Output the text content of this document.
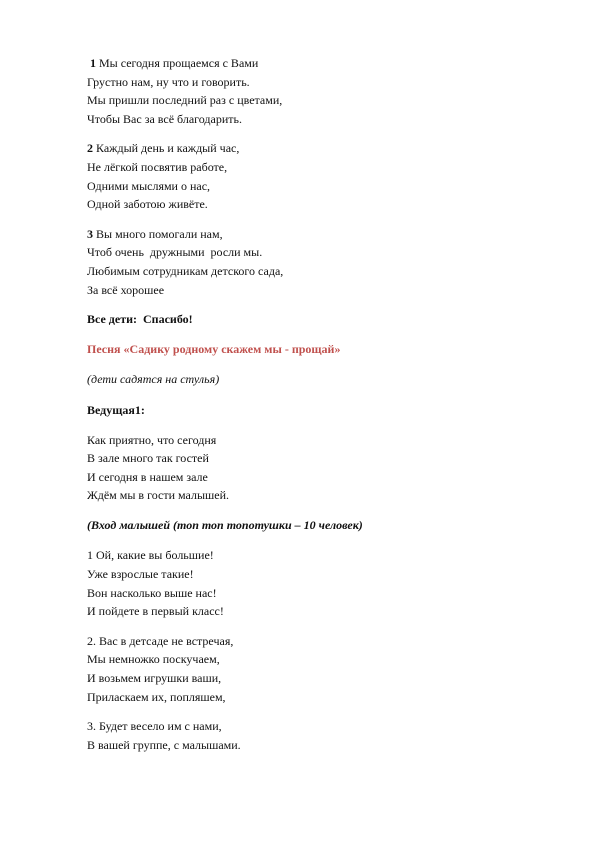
1 Мы сегодня прощаемся с Вами
Грустно нам, ну что и говорить.
Мы пришли последний раз с цветами,
Чтобы Вас за всё благодарить.
2 Каждый день и каждый час,
Не лёгкой посвятив работе,
Одними мыслями о нас,
Одной заботою живёте.
3 Вы много помогали нам,
Чтоб очень  дружными  росли мы.
Любимым сотрудникам детского сада,
За всё хорошее
Все дети:  Спасибо!
Песня «Садику родному скажем мы - прощай»
(дети садятся на стулья)
Ведущая1:
Как приятно, что сегодня
В зале много так гостей
И сегодня в нашем зале
Ждём мы в гости малышей.
(Вход малышей (топ топ топотушки – 10 человек)
1 Ой, какие вы большие!
Уже взрослые такие!
Вон насколько выше нас!
И пойдете в первый класс!
2. Вас в детсаде не встречая,
Мы немножко поскучаем,
И возьмем игрушки ваши,
Приласкаем их, попляшем,
3. Будет весело им с нами,
В вашей группе, с малышами.
